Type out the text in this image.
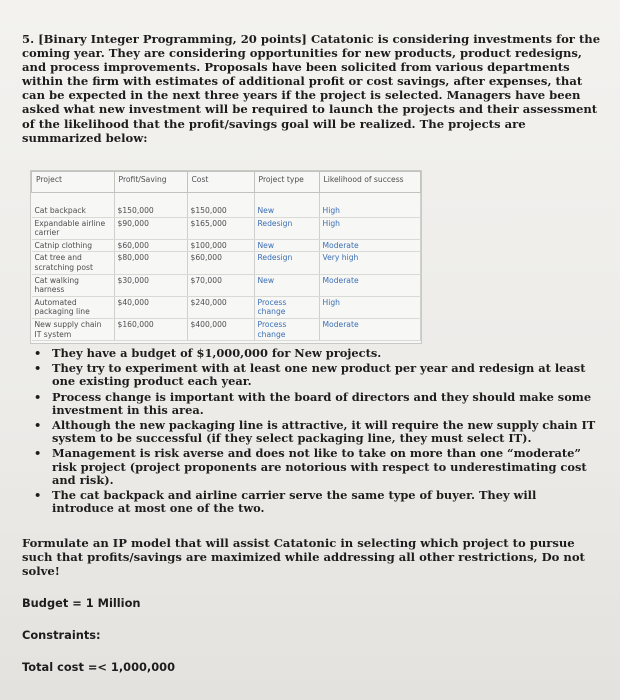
5. [Binary Integer Programming, 20 points] Catatonic is considering investments for the coming year. They are considering opportunities for new products, product redesigns, and process improvements. Proposals have been solicited from various departments within the firm with estimates of additional profit or cost savings, after expenses, that can be expected in the next three years if the project is selected. Managers have been asked what new investment will be required to launch the projects and their assessment of the likelihood that the profit/savings goal will be realized. The projects are summarized below:

Project	Profit/Saving	Cost	Project type	Likelihood of success

Cat backpack	$150,000	$150,000	New	High
Expandable airline carrier	$90,000	$165,000	Redesign	High
Catnip clothing	$60,000	$100,000	New	Moderate
Cat tree and scratching post	$80,000	$60,000	Redesign	Very high
Cat walking harness	$30,000	$70,000	New	Moderate
Automated packaging line	$40,000	$240,000	Process change	High
New supply chain IT system	$160,000	$400,000	Process change	Moderate
• They have a budget of $1,000,000 for New projects.
• They try to experiment with at least one new product per year and redesign at least one existing product each year.
• Process change is important with the board of directors and they should make some investment in this area.
• Although the new packaging line is attractive, it will require the new supply chain IT system to be successful (if they select packaging line, they must select IT).
• Management is risk averse and does not like to take on more than one “moderate” risk project (project proponents are notorious with respect to underestimating cost and risk).
• The cat backpack and airline carrier serve the same type of buyer. They will introduce at most one of the two.

Formulate an IP model that will assist Catatonic in selecting which project to pursue such that profits/savings are maximized while addressing all other restrictions, Do not solve!

Budget = 1 Million
Constraints:
Total cost =< 1,000,000
